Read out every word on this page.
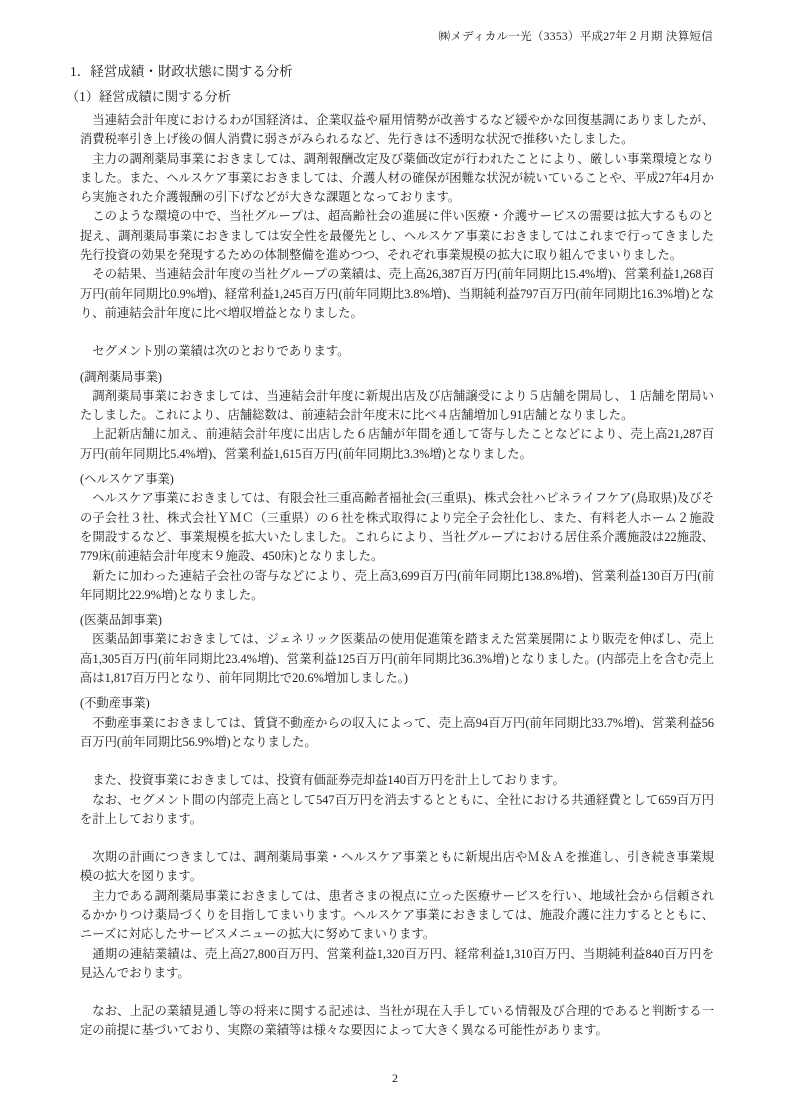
㈱メディカル一光（3353）平成27年２月期 決算短信
1．経営成績・財政状態に関する分析
（1）経営成績に関する分析

当連結会計年度におけるわが国経済は、企業収益や雇用情勢が改善するなど緩やかな回復基調にありましたが、消費税率引き上げ後の個人消費に弱さがみられるなど、先行きは不透明な状況で推移いたしました。

主力の調剤薬局事業におきましては、調剤報酬改定及び薬価改定が行われたことにより、厳しい事業環境となりました。また、ヘルスケア事業におきましては、介護人材の確保が困難な状況が続いていることや、平成27年4月から実施された介護報酬の引下げなどが大きな課題となっております。

このような環境の中で、当社グループは、超高齢社会の進展に伴い医療・介護サービスの需要は拡大するものと捉え、調剤薬局事業におきましては安全性を最優先とし、ヘルスケア事業におきましてはこれまで行ってきました先行投資の効果を発現するための体制整備を進めつつ、それぞれ事業規模の拡大に取り組んでまいりました。

その結果、当連結会計年度の当社グループの業績は、売上高26,387百万円(前年同期比15.4%増)、営業利益1,268百万円(前年同期比0.9%増)、経常利益1,245百万円(前年同期比3.8%増)、当期純利益797百万円(前年同期比16.3%増)となり、前連結会計年度に比べ増収増益となりました。

セグメント別の業績は次のとおりであります。

(調剤薬局事業)

調剤薬局事業におきましては、当連結会計年度に新規出店及び店舗譲受により５店舗を開局し、１店舗を閉局いたしました。これにより、店舗総数は、前連結会計年度末に比べ４店舗増加し91店舗となりました。

上記新店舗に加え、前連結会計年度に出店した６店舗が年間を通して寄与したことなどにより、売上高21,287百万円(前年同期比5.4%増)、営業利益1,615百万円(前年同期比3.3%増)となりました。

(ヘルスケア事業)

ヘルスケア事業におきましては、有限会社三重高齢者福祉会(三重県)、株式会社ハピネライフケア(鳥取県)及びその子会社３社、株式会社ＹＭＣ（三重県）の６社を株式取得により完全子会社化し、また、有料老人ホーム２施設を開設するなど、事業規模を拡大いたしました。これらにより、当社グループにおける居住系介護施設は22施設、779床(前連結会計年度末９施設、450床)となりました。

新たに加わった連結子会社の寄与などにより、売上高3,699百万円(前年同期比138.8%増)、営業利益130百万円(前年同期比22.9%増)となりました。

(医薬品卸事業)

医薬品卸事業におきましては、ジェネリック医薬品の使用促進策を踏まえた営業展開により販売を伸ばし、売上高1,305百万円(前年同期比23.4%増)、営業利益125百万円(前年同期比36.3%増)となりました。(内部売上を含む売上高は1,817百万円となり、前年同期比で20.6%増加しました。)

(不動産事業)

不動産事業におきましては、賃貸不動産からの収入によって、売上高94百万円(前年同期比33.7%増)、営業利益56百万円(前年同期比56.9%増)となりました。

また、投資事業におきましては、投資有価証券売却益140百万円を計上しております。

なお、セグメント間の内部売上高として547百万円を消去するとともに、全社における共通経費として659百万円を計上しております。

次期の計画につきましては、調剤薬局事業・ヘルスケア事業ともに新規出店やＭ＆Ａを推進し、引き続き事業規模の拡大を図ります。

主力である調剤薬局事業におきましては、患者さまの視点に立った医療サービスを行い、地域社会から信頼されるかかりつけ薬局づくりを目指してまいります。ヘルスケア事業におきましては、施設介護に注力するとともに、ニーズに対応したサービスメニューの拡大に努めてまいります。

通期の連結業績は、売上高27,800百万円、営業利益1,320百万円、経常利益1,310百万円、当期純利益840百万円を見込んでおります。

なお、上記の業績見通し等の将来に関する記述は、当社が現在入手している情報及び合理的であると判断する一定の前提に基づいており、実際の業績等は様々な要因によって大きく異なる可能性があります。

2
